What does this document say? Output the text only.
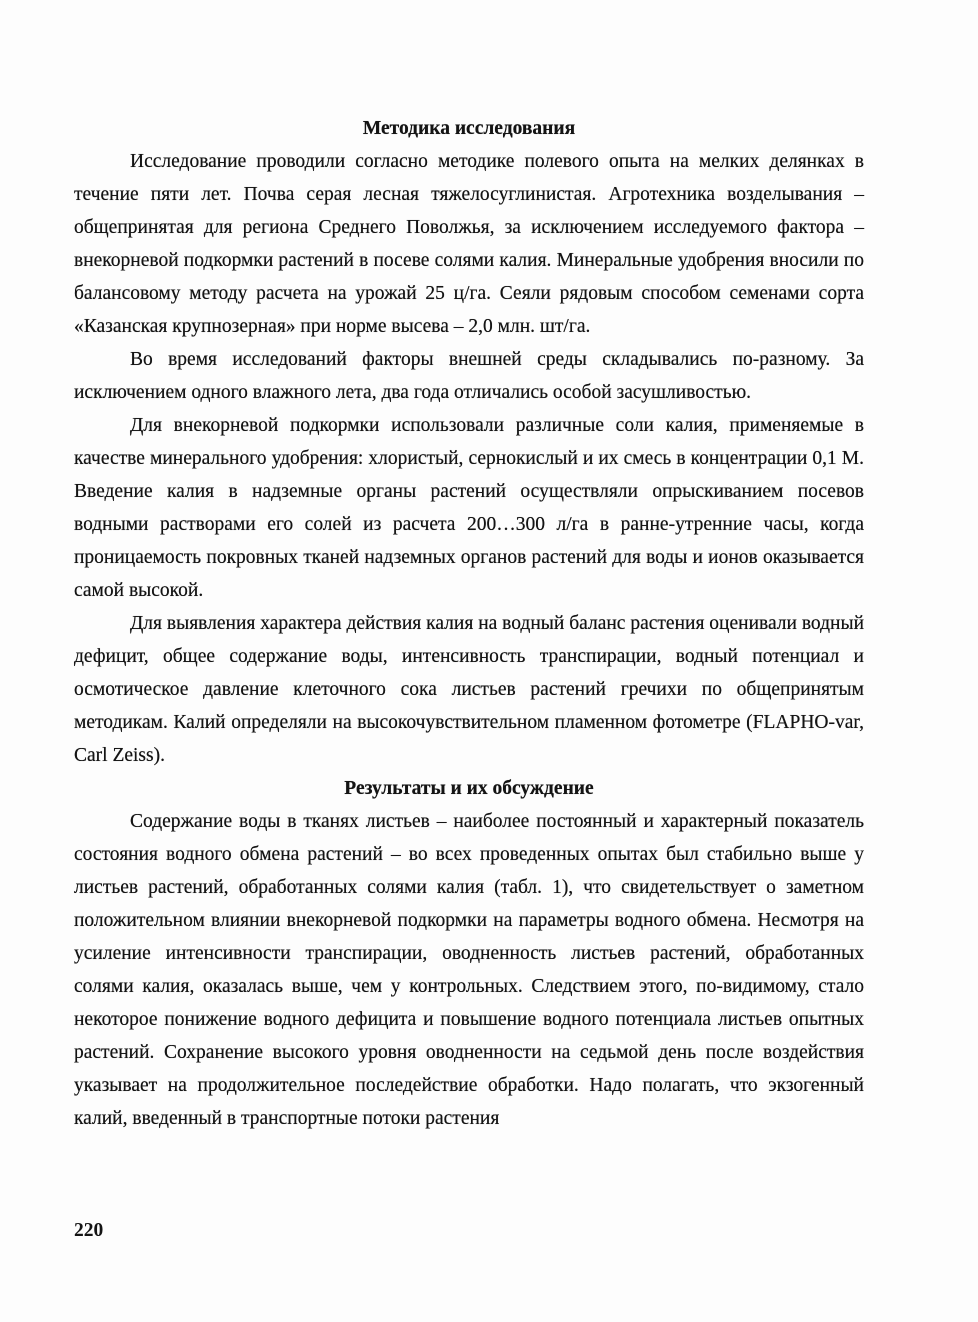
Методика исследования

Исследование проводили согласно методике полевого опыта на мелких делянках в течение пяти лет. Почва серая лесная тяжелосуглинистая. Агротехника возделывания – общепринятая для региона Среднего Поволжья, за исключением исследуемого фактора – внекорневой подкормки растений в посеве солями калия. Минеральные удобрения вносили по балансовому методу расчета на урожай 25 ц/га. Сеяли рядовым способом семенами сорта «Казанская крупнозерная» при норме высева – 2,0 млн. шт/га.

Во время исследований факторы внешней среды складывались по-разному. За исключением одного влажного лета, два года отличались особой засушливостью.

Для внекорневой подкормки использовали различные соли калия, применяемые в качестве минерального удобрения: хлористый, сернокислый и их смесь в концентрации 0,1 М. Введение калия в надземные органы растений осуществляли опрыскиванием посевов водными растворами его солей из расчета 200…300 л/га в ранне-утренние часы, когда проницаемость покровных тканей надземных органов растений для воды и ионов оказывается самой высокой.

Для выявления характера действия калия на водный баланс растения оценивали водный дефицит, общее содержание воды, интенсивность транспирации, водный потенциал и осмотическое давление клеточного сока листьев растений гречихи по общепринятым методикам. Калий определяли на высокочувствительном пламенном фотометре (FLAPHO-var, Carl Zeiss).

Результаты и их обсуждение

Содержание воды в тканях листьев – наиболее постоянный и характерный показатель состояния водного обмена растений – во всех проведенных опытах был стабильно выше у листьев растений, обработанных солями калия (табл. 1), что свидетельствует о заметном положительном влиянии внекорневой подкормки на параметры водного обмена. Несмотря на усиление интенсивности транспирации, оводненность листьев растений, обработанных солями калия, оказалась выше, чем у контрольных. Следствием этого, по-видимому, стало некоторое понижение водного дефицита и повышение водного потенциала листьев опытных растений. Сохранение высокого уровня оводненности на седьмой день после воздействия указывает на продолжительное последействие обработки. Надо полагать, что экзогенный калий, введенный в транспортные потоки растения

220
